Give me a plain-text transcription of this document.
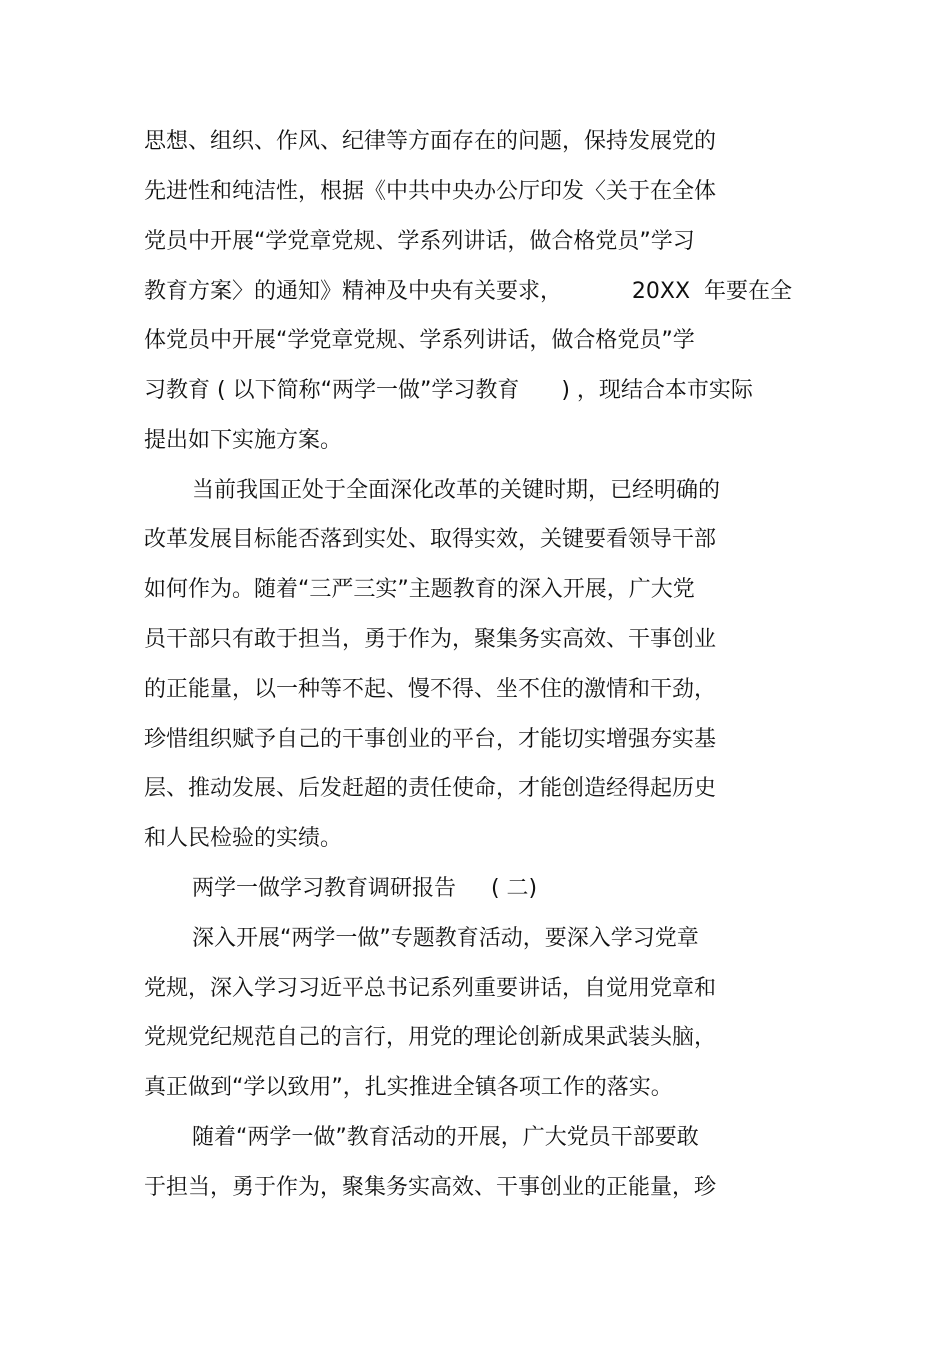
思想、组织、作风、纪律等方面存在的问题，保持发展党的

先进性和纯洁性，根据《中共中央办公厅印发〈关于在全体

党员中开展“学党章党规、学系列讲话，做合格党员”学习

教育方案〉的通知》精神及中央有关要求，          20XX  年要在全

体党员中开展“学党章党规、学系列讲话，做合格党员”学

习教育 ( 以下简称“两学一做”学习教育      ) ，现结合本市实际

提出如下实施方案。

当前我国正处于全面深化改革的关键时期，已经明确的

改革发展目标能否落到实处、取得实效，关键要看领导干部

如何作为。随着“三严三实”主题教育的深入开展，广大党

员干部只有敢于担当，勇于作为，聚集务实高效、干事创业

的正能量，以一种等不起、慢不得、坐不住的激情和干劲，

珍惜组织赋予自己的干事创业的平台，才能切实增强夯实基

层、推动发展、后发赶超的责任使命，才能创造经得起历史

和人民检验的实绩。

两学一做学习教育调研报告     ( 二)

深入开展“两学一做”专题教育活动，要深入学习党章

党规，深入学习习近平总书记系列重要讲话，自觉用党章和

党规党纪规范自己的言行，用党的理论创新成果武装头脑，

真正做到“学以致用”，扎实推进全镇各项工作的落实。

随着“两学一做”教育活动的开展，广大党员干部要敢

于担当，勇于作为，聚集务实高效、干事创业的正能量，珍
